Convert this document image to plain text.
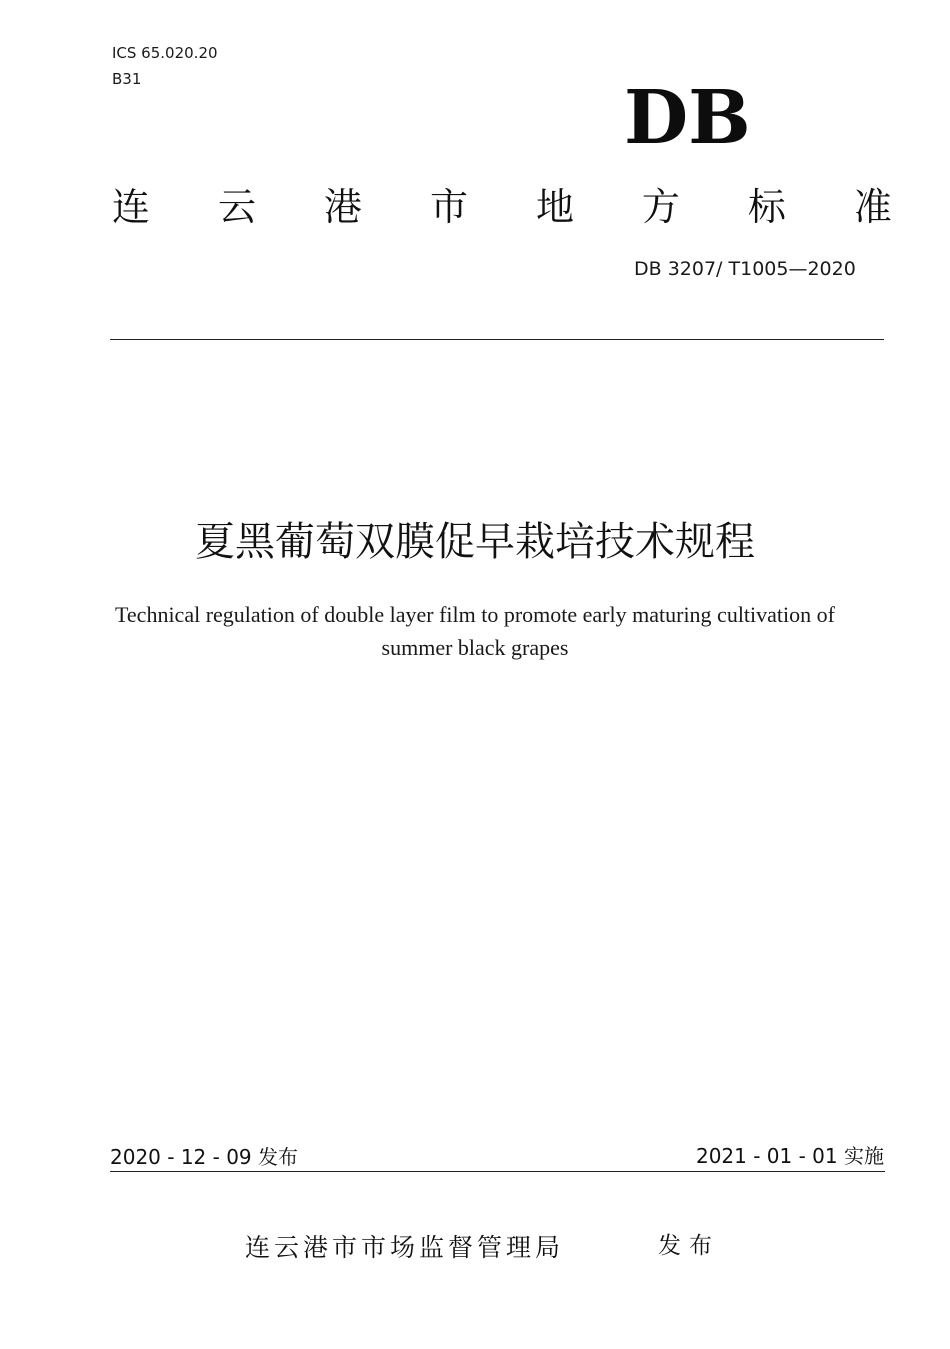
ICS 65.020.20
B31	DB
连 云 港 市 地 方 标 准
DB 3207/ T1005—2020
夏黑葡萄双膜促早栽培技术规程
Technical regulation of double layer film to promote early maturing cultivation of
summer black grapes
2020 - 12 - 09 发布	2021 - 01 - 01 实施
连云港市市场监督管理局	发布
